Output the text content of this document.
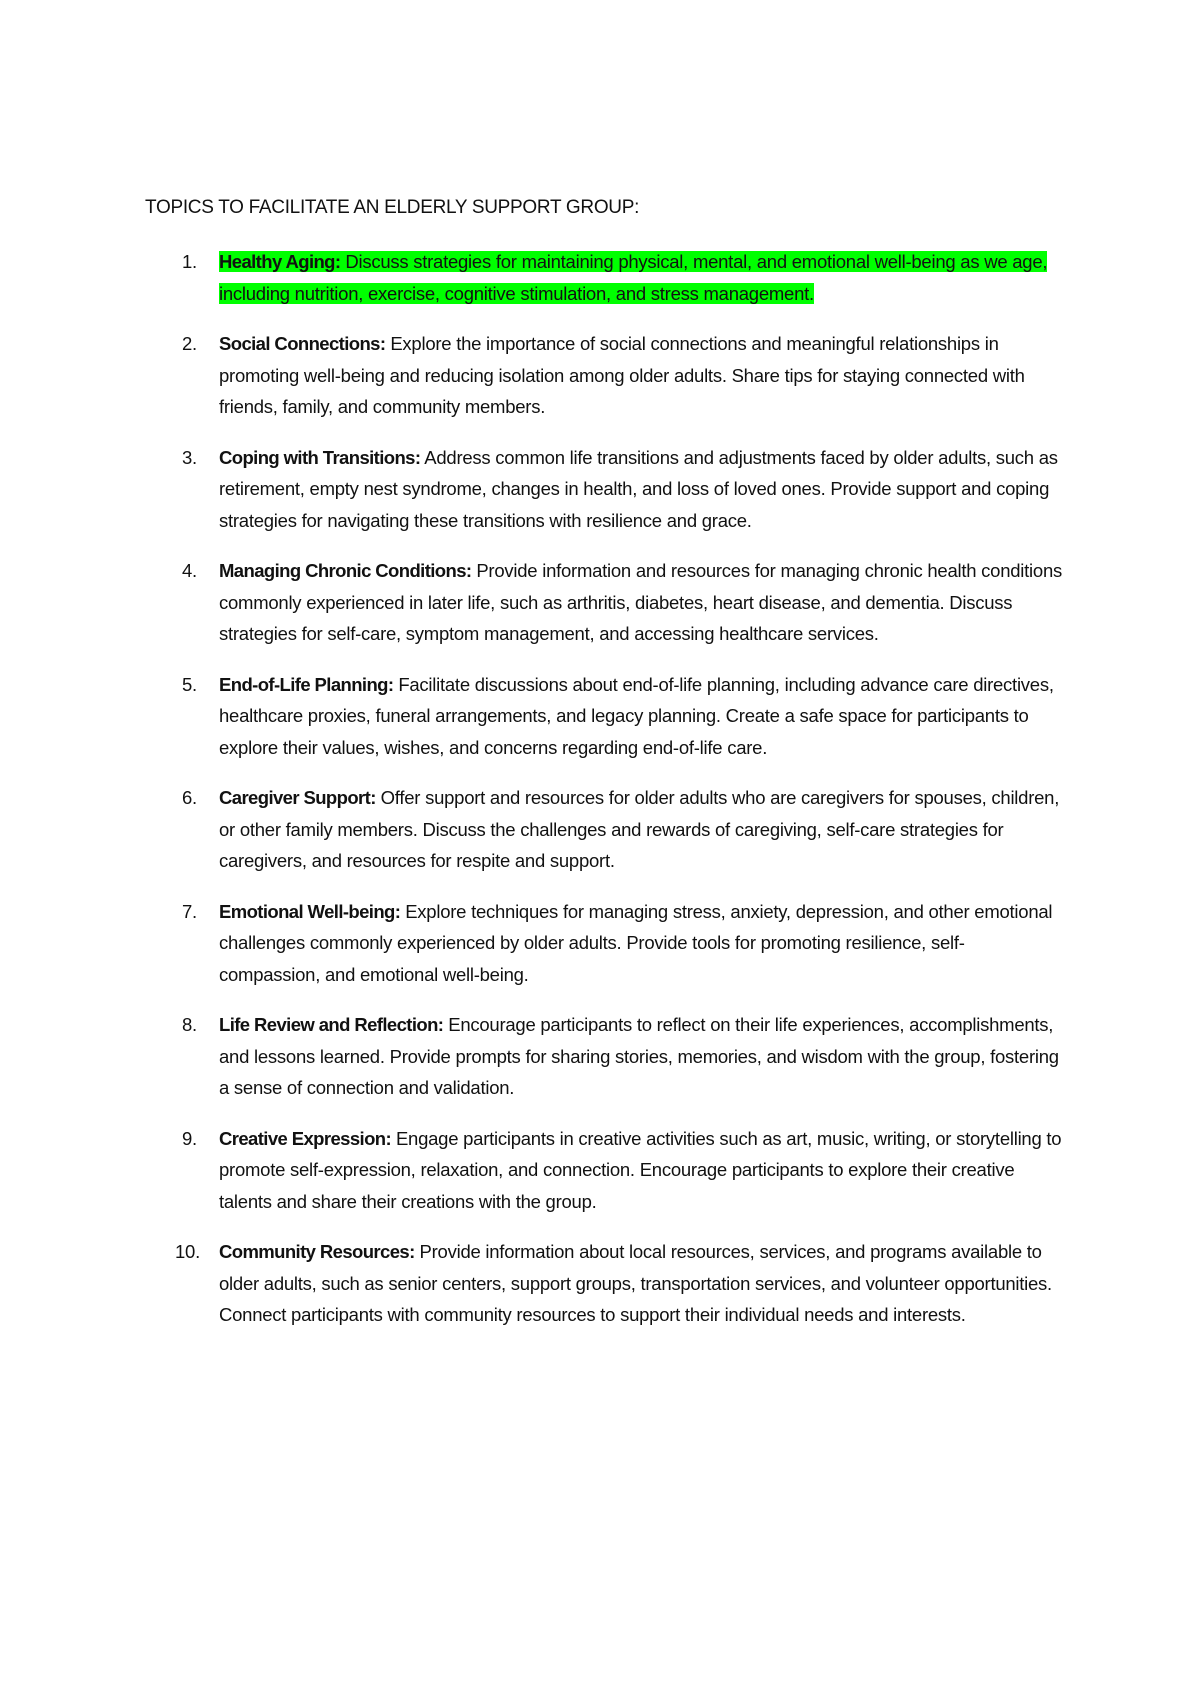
TOPICS TO FACILITATE AN ELDERLY SUPPORT GROUP:
1. Healthy Aging: Discuss strategies for maintaining physical, mental, and emotional well-being as we age, including nutrition, exercise, cognitive stimulation, and stress management.
2. Social Connections: Explore the importance of social connections and meaningful relationships in promoting well-being and reducing isolation among older adults. Share tips for staying connected with friends, family, and community members.
3. Coping with Transitions: Address common life transitions and adjustments faced by older adults, such as retirement, empty nest syndrome, changes in health, and loss of loved ones. Provide support and coping strategies for navigating these transitions with resilience and grace.
4. Managing Chronic Conditions: Provide information and resources for managing chronic health conditions commonly experienced in later life, such as arthritis, diabetes, heart disease, and dementia. Discuss strategies for self-care, symptom management, and accessing healthcare services.
5. End-of-Life Planning: Facilitate discussions about end-of-life planning, including advance care directives, healthcare proxies, funeral arrangements, and legacy planning. Create a safe space for participants to explore their values, wishes, and concerns regarding end-of-life care.
6. Caregiver Support: Offer support and resources for older adults who are caregivers for spouses, children, or other family members. Discuss the challenges and rewards of caregiving, self-care strategies for caregivers, and resources for respite and support.
7. Emotional Well-being: Explore techniques for managing stress, anxiety, depression, and other emotional challenges commonly experienced by older adults. Provide tools for promoting resilience, self-compassion, and emotional well-being.
8. Life Review and Reflection: Encourage participants to reflect on their life experiences, accomplishments, and lessons learned. Provide prompts for sharing stories, memories, and wisdom with the group, fostering a sense of connection and validation.
9. Creative Expression: Engage participants in creative activities such as art, music, writing, or storytelling to promote self-expression, relaxation, and connection. Encourage participants to explore their creative talents and share their creations with the group.
10. Community Resources: Provide information about local resources, services, and programs available to older adults, such as senior centers, support groups, transportation services, and volunteer opportunities. Connect participants with community resources to support their individual needs and interests.
